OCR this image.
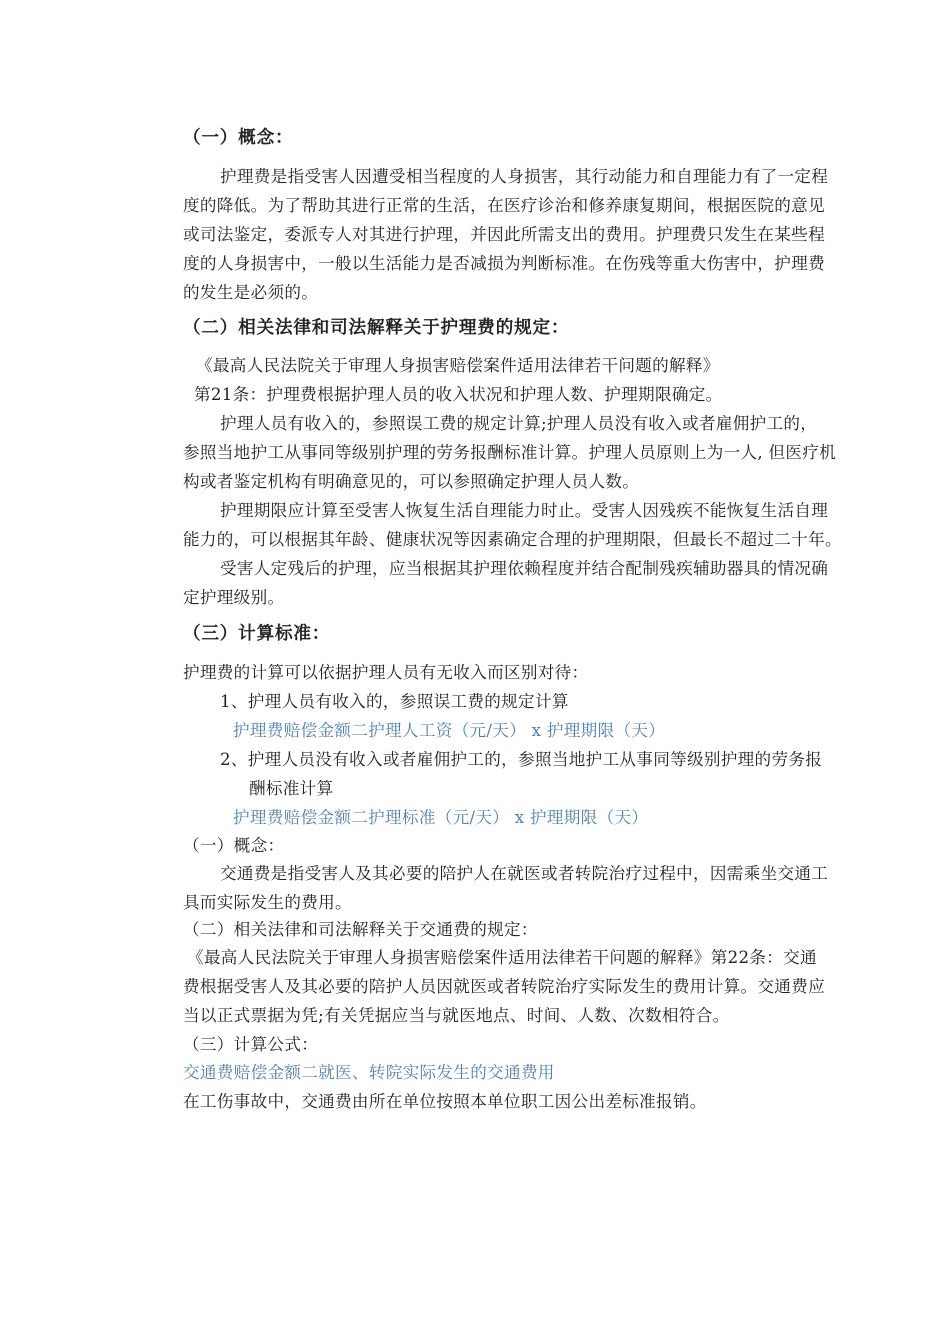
（一）概念：

护理费是指受害人因遭受相当程度的人身损害，其行动能力和自理能力有了一定程

度的降低。为了帮助其进行正常的生活，在医疗诊治和修养康复期间，根据医院的意见

或司法鉴定，委派专人对其进行护理，并因此所需支出的费用。护理费只发生在某些程

度的人身损害中，一般以生活能力是否减损为判断标准。在伤残等重大伤害中，护理费

的发生是必须的。

（二）相关法律和司法解释关于护理费的规定：

《最高人民法院关于审理人身损害赔偿案件适用法律若干问题的解释》

第21条：护理费根据护理人员的收入状况和护理人数、护理期限确定。

护理人员有收入的，参照误工费的规定计算;护理人员没有收入或者雇佣护工的，

参照当地护工从事同等级别护理的劳务报酬标准计算。护理人员原则上为一人, 但医疗机

构或者鉴定机构有明确意见的，可以参照确定护理人员人数。

护理期限应计算至受害人恢复生活自理能力时止。受害人因残疾不能恢复生活自理

能力的，可以根据其年龄、健康状况等因素确定合理的护理期限，但最长不超过二十年。

受害人定残后的护理，应当根据其护理依赖程度并结合配制残疾辅助器具的情况确

定护理级别。

（三）计算标准：

护理费的计算可以依据护理人员有无收入而区别对待：

1、护理人员有收入的，参照误工费的规定计算

护理费赔偿金额二护理人工资（元/天） x 护理期限（天）

2、护理人员没有收入或者雇佣护工的，参照当地护工从事同等级别护理的劳务报

酬标准计算

护理费赔偿金额二护理标准（元/天） x 护理期限（天）

（一）概念：

交通费是指受害人及其必要的陪护人在就医或者转院治疗过程中，因需乘坐交通工

具而实际发生的费用。

（二）相关法律和司法解释关于交通费的规定：

《最高人民法院关于审理人身损害赔偿案件适用法律若干问题的解释》第22条：交通

费根据受害人及其必要的陪护人员因就医或者转院治疗实际发生的费用计算。交通费应

当以正式票据为凭;有关凭据应当与就医地点、时间、人数、次数相符合。

（三）计算公式：

交通费赔偿金额二就医、转院实际发生的交通费用

在工伤事故中，交通费由所在单位按照本单位职工因公出差标准报销。
